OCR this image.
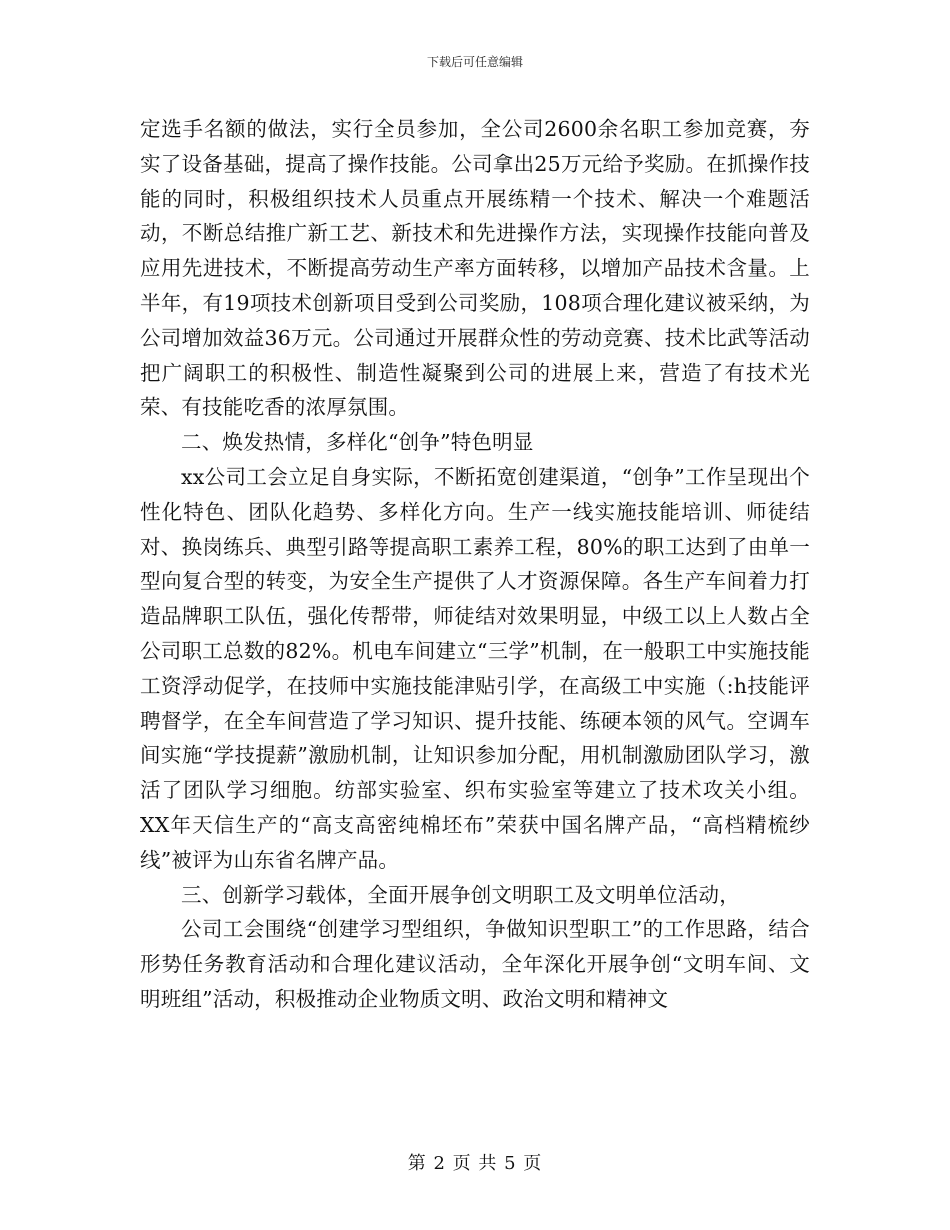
下载后可任意编辑

定选手名额的做法，实行全员参加，全公司2600余名职工参加竞赛，夯实了设备基础，提高了操作技能。公司拿出25万元给予奖励。在抓操作技能的同时，积极组织技术人员重点开展练精一个技术、解决一个难题活动，不断总结推广新工艺、新技术和先进操作方法，实现操作技能向普及应用先进技术，不断提高劳动生产率方面转移，以增加产品技术含量。上半年，有19项技术创新项目受到公司奖励，108项合理化建议被采纳，为公司增加效益36万元。公司通过开展群众性的劳动竞赛、技术比武等活动把广阔职工的积极性、制造性凝聚到公司的进展上来，营造了有技术光荣、有技能吃香的浓厚氛围。

二、焕发热情，多样化“创争”特色明显

xx公司工会立足自身实际，不断拓宽创建渠道，“创争”工作呈现出个性化特色、团队化趋势、多样化方向。生产一线实施技能培训、师徒结对、换岗练兵、典型引路等提高职工素养工程，80%的职工达到了由单一型向复合型的转变，为安全生产提供了人才资源保障。各生产车间着力打造品牌职工队伍，强化传帮带，师徒结对效果明显，中级工以上人数占全公司职工总数的82%。机电车间建立“三学”机制，在一般职工中实施技能工资浮动促学，在技师中实施技能津贴引学，在高级工中实施（:h技能评聘督学，在全车间营造了学习知识、提升技能、练硬本领的风气。空调车间实施“学技提薪”激励机制，让知识参加分配，用机制激励团队学习，激活了团队学习细胞。纺部实验室、织布实验室等建立了技术攻关小组。XX年天信生产的“高支高密纯棉坯布”荣获中国名牌产品，“高档精梳纱线”被评为山东省名牌产品。

三、创新学习载体，全面开展争创文明职工及文明单位活动，

公司工会围绕“创建学习型组织，争做知识型职工”的工作思路，结合形势任务教育活动和合理化建议活动，全年深化开展争创“文明车间、文明班组”活动，积极推动企业物质文明、政治文明和精神文

第 2 页 共 5 页
